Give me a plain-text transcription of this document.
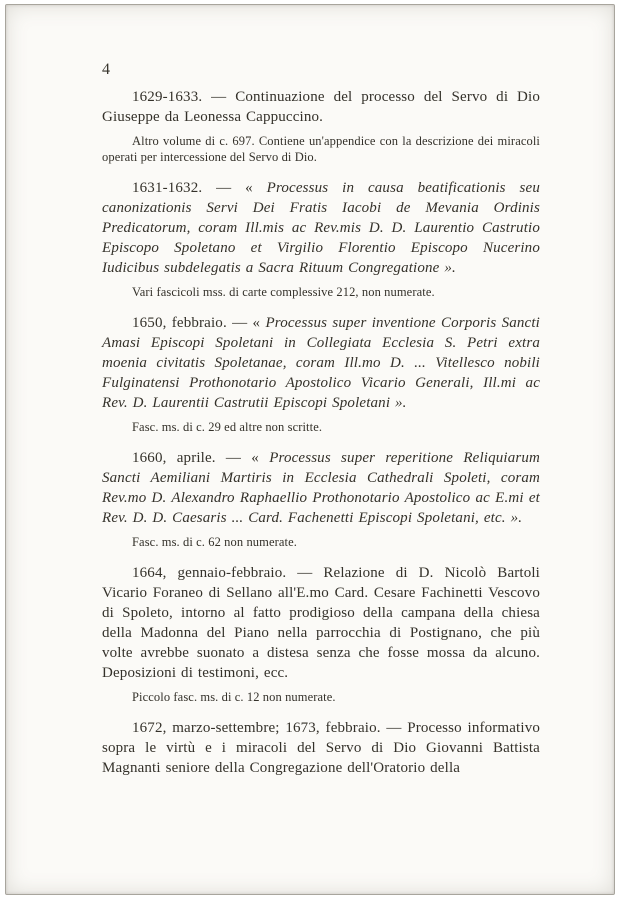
4

1629-1633. — Continuazione del processo del Servo di Dio Giuseppe da Leonessa Cappuccino.

Altro volume di c. 697. Contiene un'appendice con la descrizione dei miracoli operati per intercessione del Servo di Dio.

1631-1632. — « Processus in causa beatificationis seu canonizationis Servi Dei Fratis Iacobi de Mevania Ordinis Predicatorum, coram Ill.mis ac Rev.mis D. D. Laurentio Castrutio Episcopo Spoletano et Virgilio Florentio Episcopo Nucerino Iudicibus subdelegatis a Sacra Rituum Congregatione ».

Vari fascicoli mss. di carte complessive 212, non numerate.

1650, febbraio. — « Processus super inventione Corporis Sancti Amasi Episcopi Spoletani in Collegiata Ecclesia S. Petri extra moenia civitatis Spoletanae, coram Ill.mo D. ... Vitellesco nobili Fulginatensi Prothonotario Apostolico Vicario Generali, Ill.mi ac Rev. D. Laurentii Castrutii Episcopi Spoletani ».

Fasc. ms. di c. 29 ed altre non scritte.

1660, aprile. — « Processus super reperitione Reliquiarum Sancti Aemiliani Martiris in Ecclesia Cathedrali Spoleti, coram Rev.mo D. Alexandro Raphaellio Prothonotario Apostolico ac E.mi et Rev. D. D. Caesaris ... Card. Fachenetti Episcopi Spoletani, etc. ».

Fasc. ms. di c. 62 non numerate.

1664, gennaio-febbraio. — Relazione di D. Nicolò Bartoli Vicario Foraneo di Sellano all'E.mo Card. Cesare Fachinetti Vescovo di Spoleto, intorno al fatto prodigioso della campana della chiesa della Madonna del Piano nella parrocchia di Postignano, che più volte avrebbe suonato a distesa senza che fosse mossa da alcuno. Deposizioni di testimoni, ecc.

Piccolo fasc. ms. di c. 12 non numerate.

1672, marzo-settembre; 1673, febbraio. — Processo informativo sopra le virtù e i miracoli del Servo di Dio Giovanni Battista Magnanti seniore della Congregazione dell'Oratorio della
